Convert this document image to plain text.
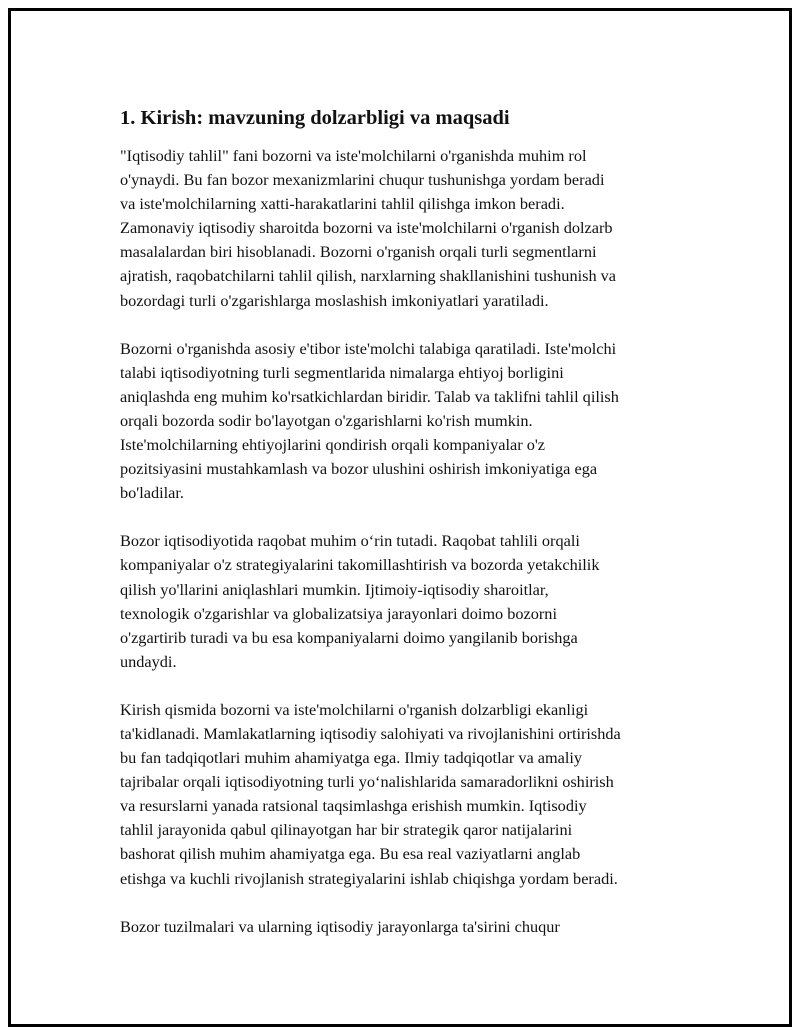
1. Kirish: mavzuning dolzarbligi va maqsadi
"Iqtisodiy tahlil" fani bozorni va iste'molchilarni o'rganishda muhim rol
o'ynaydi. Bu fan bozor mexanizmlarini chuqur tushunishga yordam beradi
va iste'molchilarning xatti-harakatlarini tahlil qilishga imkon beradi.
Zamonaviy iqtisodiy sharoitda bozorni va iste'molchilarni o'rganish dolzarb
masalalardan biri hisoblanadi. Bozorni o'rganish orqali turli segmentlarni
ajratish, raqobatchilarni tahlil qilish, narxlarning shakllanishini tushunish va
bozordagi turli o'zgarishlarga moslashish imkoniyatlari yaratiladi.
Bozorni o'rganishda asosiy e'tibor iste'molchi talabiga qaratiladi. Iste'molchi
talabi iqtisodiyotning turli segmentlarida nimalarga ehtiyoj borligini
aniqlashda eng muhim ko'rsatkichlardan biridir. Talab va taklifni tahlil qilish
orqali bozorda sodir bo'layotgan o'zgarishlarni ko'rish mumkin.
Iste'molchilarning ehtiyojlarini qondirish orqali kompaniyalar o'z
pozitsiyasini mustahkamlash va bozor ulushini oshirish imkoniyatiga ega
bo'ladilar.
Bozor iqtisodiyotida raqobat muhim o‘rin tutadi. Raqobat tahlili orqali
kompaniyalar o'z strategiyalarini takomillashtirish va bozorda yetakchilik
qilish yo'llarini aniqlashlari mumkin. Ijtimoiy-iqtisodiy sharoitlar,
texnologik o'zgarishlar va globalizatsiya jarayonlari doimo bozorni
o'zgartirib turadi va bu esa kompaniyalarni doimo yangilanib borishga
undaydi.
Kirish qismida bozorni va iste'molchilarni o'rganish dolzarbligi ekanligi
ta'kidlanadi. Mamlakatlarning iqtisodiy salohiyati va rivojlanishini ortirishda
bu fan tadqiqotlari muhim ahamiyatga ega. Ilmiy tadqiqotlar va amaliy
tajribalar orqali iqtisodiyotning turli yo‘nalishlarida samaradorlikni oshirish
va resurslarni yanada ratsional taqsimlashga erishish mumkin. Iqtisodiy
tahlil jarayonida qabul qilinayotgan har bir strategik qaror natijalarini
bashorat qilish muhim ahamiyatga ega. Bu esa real vaziyatlarni anglab
etishga va kuchli rivojlanish strategiyalarini ishlab chiqishga yordam beradi.
Bozor tuzilmalari va ularning iqtisodiy jarayonlarga ta'sirini chuqur
